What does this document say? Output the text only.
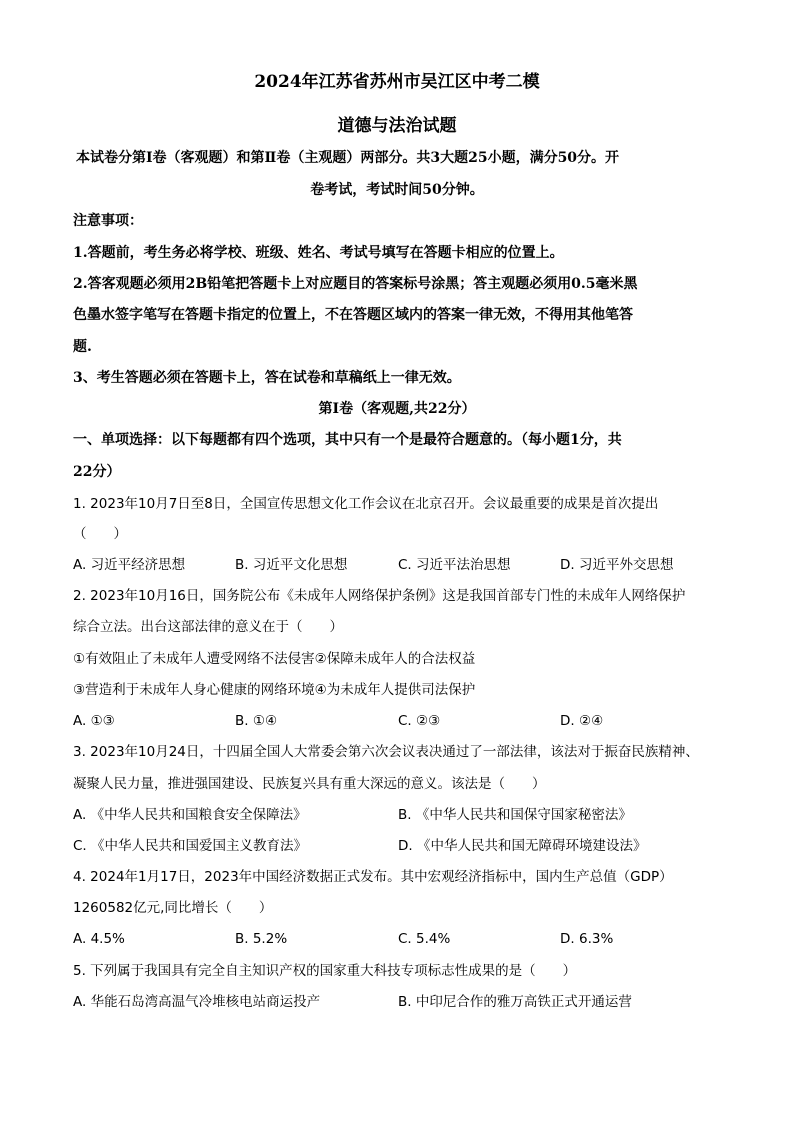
2024年江苏省苏州市吴江区中考二模
道德与法治试题
本试卷分第Ⅰ卷（客观题）和第Ⅱ卷（主观题）两部分。共3大题25小题，满分50分。开
卷考试，考试时间50分钟。
注意事项：
1.答题前，考生务必将学校、班级、姓名、考试号填写在答题卡相应的位置上。
2.答客观题必须用2B铅笔把答题卡上对应题目的答案标号涂黑；答主观题必须用0.5毫米黑
色墨水签字笔写在答题卡指定的位置上，不在答题区域内的答案一律无效，不得用其他笔答
题.
3、考生答题必须在答题卡上，答在试卷和草稿纸上一律无效。
第Ⅰ卷（客观题,共22分）
一、单项选择：以下每题都有四个选项，其中只有一个是最符合题意的。（每小题1分，共
22分）
1. 2023年10月7日至8日，全国宣传思想文化工作会议在北京召开。会议最重要的成果是首次提出
（　　）
A. 习近平经济思想	B. 习近平文化思想	C. 习近平法治思想	D. 习近平外交思想
2. 2023年10月16日，国务院公布《未成年人网络保护条例》这是我国首部专门性的未成年人网络保护
综合立法。出台这部法律的意义在于（　　）
①有效阻止了未成年人遭受网络不法侵害②保障未成年人的合法权益
③营造利于未成年人身心健康的网络环境④为未成年人提供司法保护
A. ①③	B. ①④	C. ②③	D. ②④
3. 2023年10月24日，十四届全国人大常委会第六次会议表决通过了一部法律，该法对于振奋民族精神、
凝聚人民力量，推进强国建设、民族复兴具有重大深远的意义。该法是（　　）
A. 《中华人民共和国粮食安全保障法》	B. 《中华人民共和国保守国家秘密法》
C. 《中华人民共和国爱国主义教育法》	D. 《中华人民共和国无障碍环境建设法》
4. 2024年1月17日，2023年中国经济数据正式发布。其中宏观经济指标中，国内生产总值（GDP）
1260582亿元,同比增长（　　）
A. 4.5%	B. 5.2%	C. 5.4%	D. 6.3%
5. 下列属于我国具有完全自主知识产权的国家重大科技专项标志性成果的是（　　）
A. 华能石岛湾高温气冷堆核电站商运投产	B. 中印尼合作的雅万高铁正式开通运营
